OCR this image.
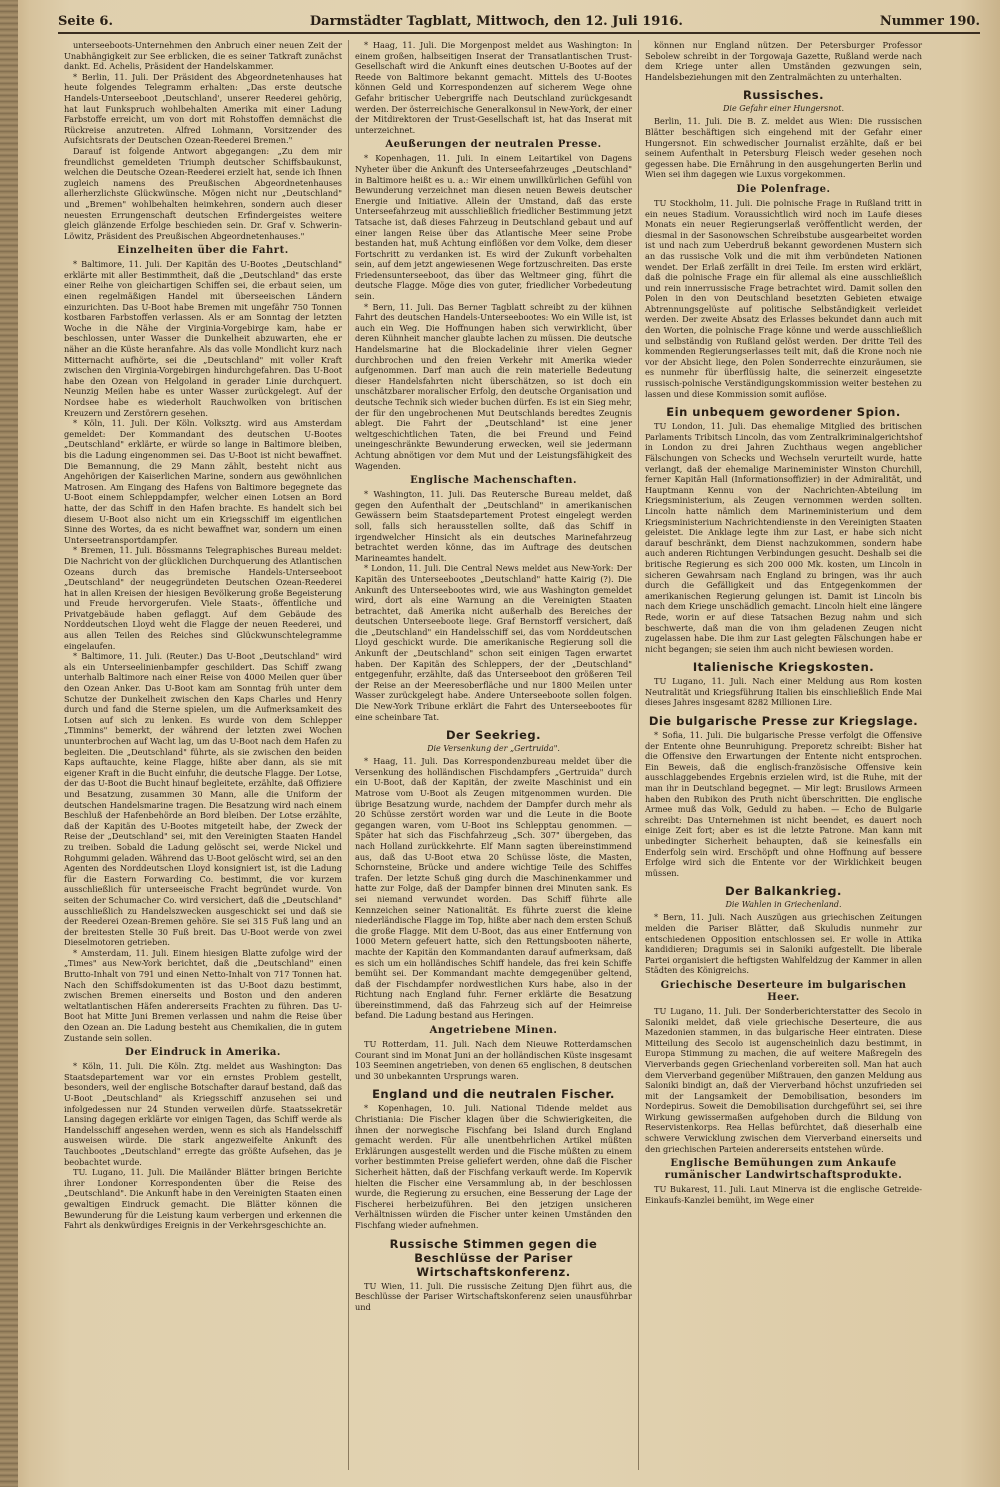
Seite 6.	Darmstädter Tagblatt, Mittwoch, den 12. Juli 1916.	Nummer 190.

unterseeboots-Unternehmen den Anbruch einer neuen Zeit der Unabhängigkeit zur See erblicken, die es seiner Tatkraft zunächst dankt. Ed. Achelis, Präsident der Handelskammer.

* Berlin, 11. Juli. Der Präsident des Abgeordnetenhauses hat heute folgendes Telegramm erhalten: „Das erste deutsche Handels-Unterseeboot ‚Deutschland', unserer Reederei gehörig, hat laut Funkspruch wohlbehalten Amerika mit einer Ladung Farbstoffe erreicht, um von dort mit Rohstoffen demnächst die Rückreise anzutreten. Alfred Lohmann, Vorsitzender des Aufsichtsrats der Deutschen Ozean-Reederei Bremen."

Darauf ist folgende Antwort abgegangen: „Zu dem mir freundlichst gemeldeten Triumph deutscher Schiffsbaukunst, welchen die Deutsche Ozean-Reederei erzielt hat, sende ich Ihnen zugleich namens des Preußischen Abgeordnetenhauses allerherzlichste Glückwünsche. Mögen nicht nur „Deutschland" und „Bremen" wohlbehalten heimkehren, sondern auch dieser neuesten Errungenschaft deutschen Erfindergeistes weitere gleich glänzende Erfolge beschieden sein. Dr. Graf v. Schwerin-Löwitz, Präsident des Preußischen Abgeordnetenhauses."

Einzelheiten über die Fahrt.

* Baltimore, 11. Juli. Der Kapitän des U-Bootes „Deutschland" erklärte mit aller Bestimmtheit, daß die „Deutschland" das erste einer Reihe von gleichartigen Schiffen sei, die erbaut seien, um einen regelmäßigen Handel mit überseeischen Ländern einzurichten. Das U-Boot habe Bremen mit ungefähr 750 Tonnen kostbaren Farbstoffen verlassen. Als er am Sonntag der letzten Woche in die Nähe der Virginia-Vorgebirge kam, habe er beschlossen, unter Wasser die Dunkelheit abzuwarten, ehe er näher an die Küste heranfahre. Als das volle Mondlicht kurz nach Mitternacht aufhörte, sei die „Deutschland" mit voller Kraft zwischen den Virginia-Vorgebirgen hindurchgefahren. Das U-Boot habe den Ozean von Helgoland in gerader Linie durchquert. Neunzig Meilen habe es unter Wasser zurückgelegt. Auf der Nordsee habe es wiederholt Rauchwolken von britischen Kreuzern und Zerstörern gesehen.

* Köln, 11. Juli. Der Köln. Volksztg. wird aus Amsterdam gemeldet: Der Kommandant des deutschen U-Bootes „Deutschland" erklärte, er würde so lange in Baltimore bleiben, bis die Ladung eingenommen sei. Das U-Boot ist nicht bewaffnet. Die Bemannung, die 29 Mann zählt, besteht nicht aus Angehörigen der Kaiserlichen Marine, sondern aus gewöhnlichen Matrosen. Am Eingang des Hafens von Baltimore begegnete das U-Boot einem Schleppdampfer, welcher einen Lotsen an Bord hatte, der das Schiff in den Hafen brachte. Es handelt sich bei diesem U-Boot also nicht um ein Kriegsschiff im eigentlichen Sinne des Wortes, da es nicht bewaffnet war, sondern um einen Unterseetransportdampfer.

* Bremen, 11. Juli. Bössmanns Telegraphisches Bureau meldet: Die Nachricht von der glücklichen Durchquerung des Atlantischen Ozeans durch das bremische Handels-Unterseeboot „Deutschland" der neugegründeten Deutschen Ozean-Reederei hat in allen Kreisen der hiesigen Bevölkerung große Begeisterung und Freude hervorgerufen. Viele Staats-, öffentliche und Privatgebäude haben geflaggt. Auf dem Gebäude des Norddeutschen Lloyd weht die Flagge der neuen Reederei, und aus allen Teilen des Reiches sind Glückwunschtelegramme eingelaufen.

* Baltimore, 11. Juli. (Reuter.) Das U-Boot „Deutschland" wird als ein Unterseelinienbampfer geschildert. Das Schiff zwang unterhalb Baltimore nach einer Reise von 4000 Meilen quer über den Ozean Anker. Das U-Boot kam am Sonntag früh unter dem Schutze der Dunkelheit zwischen den Kaps Charles und Henry durch und fand die Sterne spielen, um die Aufmerksamkeit des Lotsen auf sich zu lenken. Es wurde von dem Schlepper „Timmins" bemerkt, der während der letzten zwei Wochen ununterbrochen auf Wacht lag, um das U-Boot nach dem Hafen zu begleiten. Die „Deutschland" führte, als sie zwischen den beiden Kaps auftauchte, keine Flagge, hißte aber dann, als sie mit eigener Kraft in die Bucht einfuhr, die deutsche Flagge. Der Lotse, der das U-Boot die Bucht hinauf begleitete, erzählte, daß Offiziere und Besatzung, zusammen 30 Mann, alle die Uniform der deutschen Handelsmarine tragen. Die Besatzung wird nach einem Beschluß der Hafenbehörde an Bord bleiben. Der Lotse erzählte, daß der Kapitän des U-Bootes mitgeteilt habe, der Zweck der Reise der „Deutschland" sei, mit den Vereinigten Staaten Handel zu treiben. Sobald die Ladung gelöscht sei, werde Nickel und Rohgummi geladen. Während das U-Boot gelöscht wird, sei an den Agenten des Norddeutschen Lloyd konsigniert ist, ist die Ladung für die Eastern Forwarding Co. bestimmt, die vor kurzem ausschließlich für unterseeische Fracht begründet wurde. Von seiten der Schumacher Co. wird versichert, daß die „Deutschland" ausschließlich zu Handelszwecken ausgeschickt sei und daß sie der Reederei Ozean-Bremen gehöre. Sie sei 315 Fuß lang und an der breitesten Stelle 30 Fuß breit. Das U-Boot werde von zwei Dieselmotoren getrieben.

* Amsterdam, 11. Juli. Einem hiesigen Blatte zufolge wird der „Times" aus New-York berichtet, daß die „Deutschland" einen Brutto-Inhalt von 791 und einen Netto-Inhalt von 717 Tonnen hat. Nach den Schiffsdokumenten ist das U-Boot dazu bestimmt, zwischen Bremen einerseits und Boston und den anderen weltatlantischen Häfen andererseits Frachten zu führen. Das U-Boot hat Mitte Juni Bremen verlassen und nahm die Reise über den Ozean an. Die Ladung besteht aus Chemikalien, die in gutem Zustande sein sollen.

Der Eindruck in Amerika.

* Köln, 11. Juli. Die Köln. Ztg. meldet aus Washington: Das Staatsdepartement war vor ein ernstes Problem gestellt, besonders, weil der englische Botschafter darauf bestand, daß das U-Boot „Deutschland" als Kriegsschiff anzusehen sei und infolgedessen nur 24 Stunden verweilen dürfe. Staatssekretär Lansing dagegen erklärte vor einigen Tagen, das Schiff werde als Handelsschiff angesehen werden, wenn es sich als Handelsschiff ausweisen würde. Die stark angezweifelte Ankunft des Tauchbootes „Deutschland" erregte das größte Aufsehen, das je beobachtet wurde.

TU. Lugano, 11. Juli. Die Mailänder Blätter bringen Berichte ihrer Londoner Korrespondenten über die Reise des „Deutschland". Die Ankunft habe in den Vereinigten Staaten einen gewaltigen Eindruck gemacht. Die Blätter können die Bewunderung für die Leistung kaum verbergen und erkennen die Fahrt als denkwürdiges Ereignis in der Verkehrsgeschichte an.

* Haag, 11. Juli. Die Morgenpost meldet aus Washington: In einem großen, halbseitigen Inserat der Transatlantischen Trust-Gesellschaft wird die Ankunft eines deutschen U-Bootes auf der Reede von Baltimore bekannt gemacht. Mittels des U-Bootes können Geld und Korrespondenzen auf sicherem Wege ohne Gefahr britischer Uebergriffe nach Deutschland zurückgesandt werden. Der österreichische Generalkonsul in New-York, der einer der Mitdirektoren der Trust-Gesellschaft ist, hat das Inserat mit unterzeichnet.

Aeußerungen der neutralen Presse.

* Kopenhagen, 11. Juli. In einem Leitartikel von Dagens Nyheter über die Ankunft des Unterseefahrzeuges „Deutschland" in Baltimore heißt es u. a.: Wir einem unwillkürlichen Gefühl von Bewunderung verzeichnet man diesen neuen Beweis deutscher Energie und Initiative. Allein der Umstand, daß das erste Unterseefahrzeug mit ausschließlich friedlicher Bestimmung jetzt Tatsache ist, daß dieses Fahrzeug in Deutschland gebaut und auf einer langen Reise über das Atlantische Meer seine Probe bestanden hat, muß Achtung einflößen vor dem Volke, dem dieser Fortschritt zu verdanken ist. Es wird der Zukunft vorbehalten sein, auf dem jetzt angewiesenen Wege fortzuschreiten. Das erste Friedensunterseeboot, das über das Weltmeer ging, führt die deutsche Flagge. Möge dies von guter, friedlicher Vorbedeutung sein.

* Bern, 11. Juli. Das Berner Tagblatt schreibt zu der kühnen Fahrt des deutschen Handels-Unterseebootes: Wo ein Wille ist, ist auch ein Weg. Die Hoffnungen haben sich verwirklicht, über deren Kühnheit mancher glaubte lachen zu müssen. Die deutsche Handelsmarine hat die Blockadelinie ihrer vielen Gegner durchbrochen und den freien Verkehr mit Amerika wieder aufgenommen. Darf man auch die rein materielle Bedeutung dieser Handelsfahrten nicht überschätzen, so ist doch ein unschätzbarer moralischer Erfolg, den deutsche Organisation und deutsche Technik sich wieder buchen dürfen. Es ist ein Sieg mehr, der für den ungebrochenen Mut Deutschlands beredtes Zeugnis ablegt. Die Fahrt der „Deutschland" ist eine jener weltgeschichtlichen Taten, die bei Freund und Feind uneingeschränkte Bewunderung erwecken, weil sie jedermann Achtung abnötigen vor dem Mut und der Leistungsfähigkeit des Wagenden.

Englische Machenschaften.

* Washington, 11. Juli. Das Reutersche Bureau meldet, daß gegen den Aufenthalt der „Deutschland" in amerikanischen Gewässern beim Staatsdepartement Protest eingelegt werden soll, falls sich herausstellen sollte, daß das Schiff in irgendwelcher Hinsicht als ein deutsches Marinefahrzeug betrachtet werden könne, das im Auftrage des deutschen Marineamtes handelt.

* London, 11. Juli. Die Central News meldet aus New-York: Der Kapitän des Unterseebootes „Deutschland" hatte Kairig (?). Die Ankunft des Unterseebootes wird, wie aus Washington gemeldet wird, dort als eine Warnung an die Vereinigten Staaten betrachtet, daß Amerika nicht außerhalb des Bereiches der deutschen Unterseeboote liege. Graf Bernstorff versichert, daß die „Deutschland" ein Handelsschiff sei, das vom Norddeutschen Lloyd geschickt wurde. Die amerikanische Regierung soll die Ankunft der „Deutschland" schon seit einigen Tagen erwartet haben. Der Kapitän des Schleppers, der der „Deutschland" entgegenfuhr, erzählte, daß das Unterseeboot den größeren Teil der Reise an der Meeresoberfläche und nur 1800 Meilen unter Wasser zurückgelegt habe. Andere Unterseeboote sollen folgen. Die New-York Tribune erklärt die Fahrt des Unterseebootes für eine scheinbare Tat.

Der Seekrieg.
Die Versenkung der „Gertruida".

* Haag, 11. Juli. Das Korrespondenzbureau meldet über die Versenkung des holländischen Fischdampfers „Gertruida" durch ein U-Boot, daß der Kapitän, der zweite Maschinist und ein Matrose vom U-Boot als Zeugen mitgenommen wurden. Die übrige Besatzung wurde, nachdem der Dampfer durch mehr als 20 Schüsse zerstört worden war und die Leute in die Boote gegangen waren, vom U-Boot ins Schlepptau genommen. — Später hat sich das Fischfahrzeug „Sch. 307" übergeben, das nach Holland zurückkehrte. Elf Mann sagten übereinstimmend aus, daß das U-Boot etwa 20 Schüsse löste, die Masten, Schornsteine, Brücke und andere wichtige Teile des Schiffes trafen. Der letzte Schuß ging durch die Maschinenkammer und hatte zur Folge, daß der Dampfer binnen drei Minuten sank. Es sei niemand verwundet worden. Das Schiff führte alle Kennzeichen seiner Nationalität. Es führte zuerst die kleine niederländische Flagge im Top, hißte aber nach dem ersten Schuß die große Flagge. Mit dem U-Boot, das aus einer Entfernung von 1000 Metern gefeuert hatte, sich den Rettungsbooten näherte, machte der Kapitän den Kommandanten darauf aufmerksam, daß es sich um ein holländisches Schiff handele, das frei kein Schiffe bemüht sei. Der Kommandant machte demgegenüber geltend, daß der Fischdampfer nordwestlichen Kurs habe, also in der Richtung nach England fuhr. Ferner erklärte die Besatzung übereinstimmend, daß das Fahrzeug sich auf der Heimreise befand. Die Ladung bestand aus Heringen.

Angetriebene Minen.

TU Rotterdam, 11. Juli. Nach dem Nieuwe Rotterdamschen Courant sind im Monat Juni an der holländischen Küste insgesamt 103 Seeminen angetrieben, von denen 65 englischen, 8 deutschen und 30 unbekannten Ursprungs waren.

England und die neutralen Fischer.

* Kopenhagen, 10. Juli. National Tidende meldet aus Christiania: Die Fischer klagen über die Schwierigkeiten, die ihnen der norwegische Fischfang bei Island durch England gemacht werden. Für alle unentbehrlichen Artikel müßten Erklärungen ausgestellt werden und die Fische müßten zu einem vorher bestimmten Preise geliefert werden, ohne daß die Fischer Sicherheit hätten, daß der Fischfang verkauft werde. Im Kopervik hielten die Fischer eine Versammlung ab, in der beschlossen wurde, die Regierung zu ersuchen, eine Besserung der Lage der Fischerei herbeizuführen. Bei den jetzigen unsicheren Verhältnissen würden die Fischer unter keinen Umständen den Fischfang wieder aufnehmen.

Russische Stimmen gegen die Beschlüsse der Pariser Wirtschaftskonferenz.

TU Wien, 11. Juli. Die russische Zeitung Djen führt aus, die Beschlüsse der Pariser Wirtschaftskonferenz seien unausführbar und

können nur England nützen. Der Petersburger Professor Sebolew schreibt in der Torgowaja Gazette, Rußland werde nach dem Kriege unter allen Umständen gezwungen sein, Handelsbeziehungen mit den Zentralmächten zu unterhalten.

Russisches.
Die Gefahr einer Hungersnot.

Berlin, 11. Juli. Die B. Z. meldet aus Wien: Die russischen Blätter beschäftigen sich eingehend mit der Gefahr einer Hungersnot. Ein schwedischer Journalist erzählte, daß er bei seinem Aufenthalt in Petersburg Fleisch weder gesehen noch gegessen habe. Die Ernährung in den ausgehungerten Berlin und Wien sei ihm dagegen wie Luxus vorgekommen.

Die Polenfrage.

TU Stockholm, 11. Juli. Die polnische Frage in Rußland tritt in ein neues Stadium. Voraussichtlich wird noch im Laufe dieses Monats ein neuer Regierungserlaß veröffentlicht werden, der diesmal in der Sasonowschen Schreibstube ausgearbeitet worden ist und nach zum Ueberdruß bekannt gewordenen Mustern sich an das russische Volk und die mit ihm verbündeten Nationen wendet. Der Erlaß zerfällt in drei Teile. Im ersten wird erklärt, daß die polnische Frage ein für allemal als eine ausschließlich und rein innerrussische Frage betrachtet wird. Damit sollen den Polen in den von Deutschland besetzten Gebieten etwaige Abtrennungsgelüste auf politische Selbständigkeit verleidet werden. Der zweite Absatz des Erlasses bekundet dann auch mit den Worten, die polnische Frage könne und werde ausschließlich und selbständig von Rußland gelöst werden. Der dritte Teil des kommenden Regierungserlasses teilt mit, daß die Krone noch nie vor der Absicht liege, den Polen Sonderrechte einzuräumen, sie es nunmehr für überflüssig halte, die seinerzeit eingesetzte russisch-polnische Verständigungskommission weiter bestehen zu lassen und diese Kommission somit auflöse.

Ein unbequem gewordener Spion.

TU London, 11. Juli. Das ehemalige Mitglied des britischen Parlaments Tribitsch Lincoln, das vom Zentralkriminalgerichtshof in London zu drei Jahren Zuchthaus wegen angeblicher Fälschungen von Schecks und Wechseln verurteilt wurde, hatte verlangt, daß der ehemalige Marineminister Winston Churchill, ferner Kapitän Hall (Informationsoffizier) in der Admiralität, und Hauptmann Kennu von der Nachrichten-Abteilung im Kriegsministerium, als Zeugen vernommen werden sollten. Lincoln hatte nämlich dem Marineministerium und dem Kriegsministerium Nachrichtendienste in den Vereinigten Staaten geleistet. Die Anklage legte ihm zur Last, er habe sich nicht darauf beschränkt, dem Dienst nachzukommen, sondern habe auch anderen Richtungen Verbindungen gesucht. Deshalb sei die britische Regierung es sich 200 000 Mk. kosten, um Lincoln in sicheren Gewahrsam nach England zu bringen, was ihr auch durch die Gefälligkeit und das Entgegenkommen der amerikanischen Regierung gelungen ist. Damit ist Lincoln bis nach dem Kriege unschädlich gemacht. Lincoln hielt eine längere Rede, worin er auf diese Tatsachen Bezug nahm und sich beschwerte, daß man die von ihm geladenen Zeugen nicht zugelassen habe. Die ihm zur Last gelegten Fälschungen habe er nicht begangen; sie seien ihm auch nicht bewiesen worden.

Italienische Kriegskosten.

TU Lugano, 11. Juli. Nach einer Meldung aus Rom kosten Neutralität und Kriegsführung Italien bis einschließlich Ende Mai dieses Jahres insgesamt 8282 Millionen Lire.

Die bulgarische Presse zur Kriegslage.

* Sofia, 11. Juli. Die bulgarische Presse verfolgt die Offensive der Entente ohne Beunruhigung. Preporetz schreibt: Bisher hat die Offensive den Erwartungen der Entente nicht entsprochen. Ein Beweis, daß die englisch-französische Offensive kein ausschlaggebendes Ergebnis erzielen wird, ist die Ruhe, mit der man ihr in Deutschland begegnet. — Mir legt: Brusilows Armeen haben den Rubikon des Pruth nicht überschritten. Die englische Armee muß das Volk, Geduld zu haben. — Echo de Bulgarie schreibt: Das Unternehmen ist nicht beendet, es dauert noch einige Zeit fort; aber es ist die letzte Patrone. Man kann mit unbedingter Sicherheit behaupten, daß sie keinesfalls ein Enderfolg sein wird. Erschöpft und ohne Hoffnung auf bessere Erfolge wird sich die Entente vor der Wirklichkeit beugen müssen.

Der Balkankrieg.
Die Wahlen in Griechenland.

* Bern, 11. Juli. Nach Auszügen aus griechischen Zeitungen melden die Pariser Blätter, daß Skuludis nunmehr zur entschiedenen Opposition entschlossen sei. Er wolle in Attika kandidieren; Dragumis sei in Saloniki aufgestellt. Die liberale Partei organisiert die heftigsten Wahlfeldzug der Kammer in allen Städten des Königreichs.

Griechische Deserteure im bulgarischen Heer.

TU Lugano, 11. Juli. Der Sonderberichterstatter des Secolo in Saloniki meldet, daß viele griechische Deserteure, die aus Mazedonien stammen, in das bulgarische Heer eintraten. Diese Mitteilung des Secolo ist augenscheinlich dazu bestimmt, in Europa Stimmung zu machen, die auf weitere Maßregeln des Vierverbands gegen Griechenland vorbereiten soll. Man hat auch dem Vierverband gegenüber Mißtrauen, den ganzen Meldung aus Saloniki bindigt an, daß der Vierverband höchst unzufrieden sei mit der Langsamkeit der Demobilisation, besonders im Nordepirus. Soweit die Demobilisation durchgeführt sei, sei ihre Wirkung gewissermaßen aufgehoben durch die Bildung von Reservistenkorps. Rea Hellas befürchtet, daß dieserhalb eine schwere Verwicklung zwischen dem Vierverband einerseits und den griechischen Parteien andererseits entstehen würde.

Englische Bemühungen zum Ankaufe rumänischer Landwirtschaftsprodukte.

TU Bukarest, 11. Juli. Laut Minerva ist die englische Getreide-Einkaufs-Kanzlei bemüht, im Wege einer
